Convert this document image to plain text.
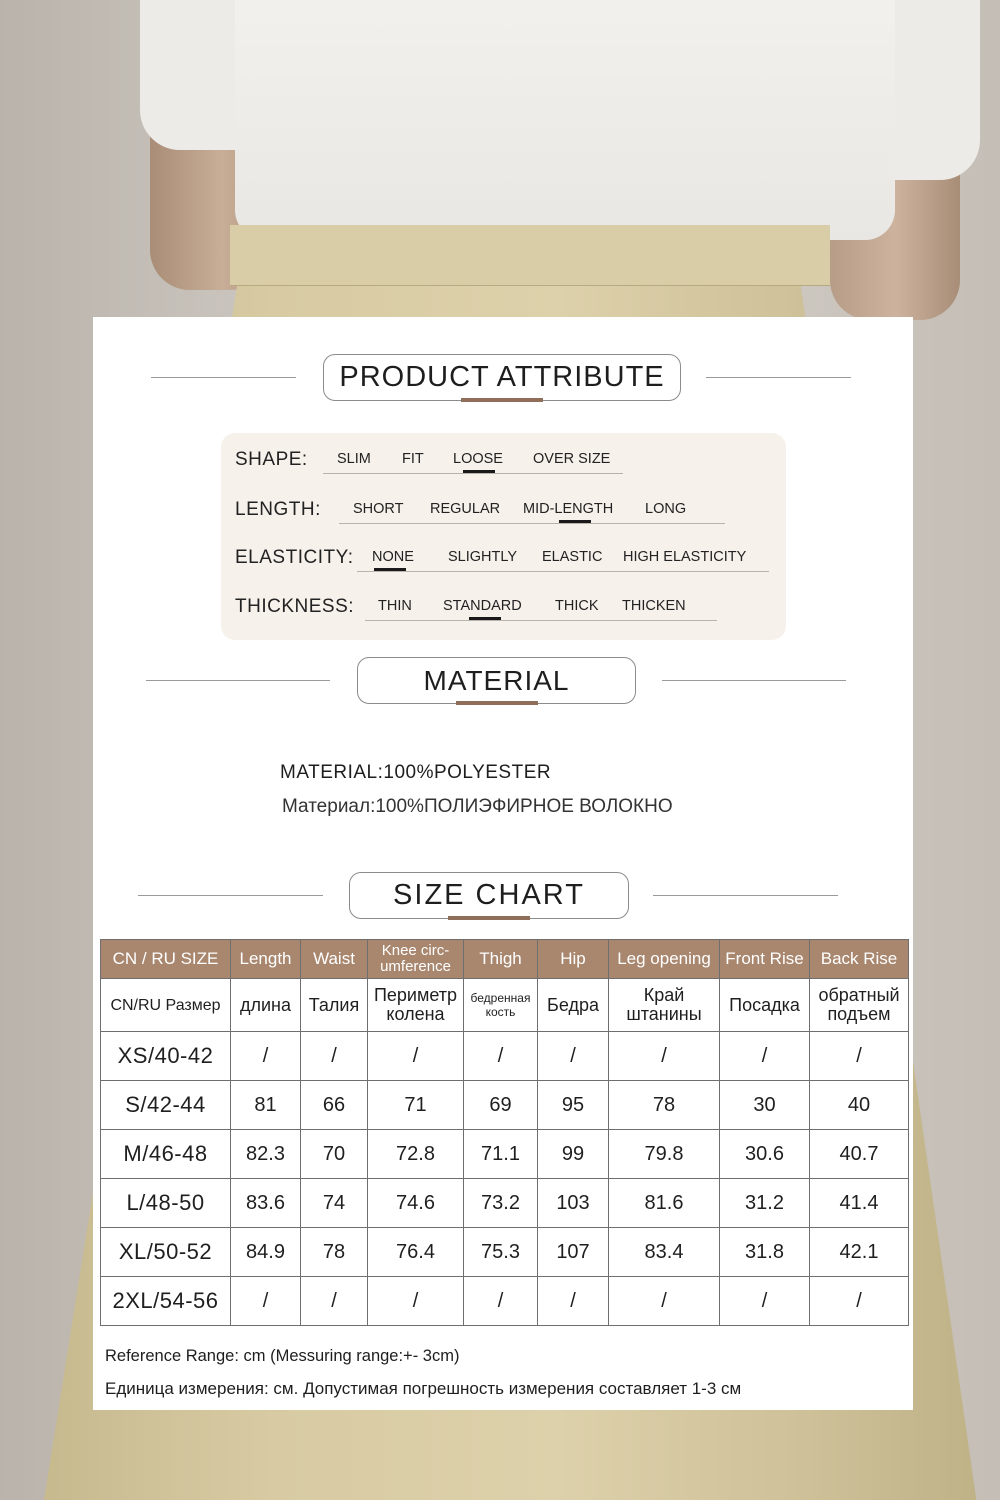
PRODUCT ATTRIBUTE
SHAPE: SLIM FIT LOOSE OVER SIZE
LENGTH: SHORT REGULAR MID-LENGTH LONG
ELASTICITY: NONE SLIGHTLY ELASTIC HIGH ELASTICITY
THICKNESS: THIN STANDARD THICK THICKEN
MATERIAL
MATERIAL:100%POLYESTER
Материал:100%ПОЛИЭФИРНОЕ ВОЛОКНО
SIZE CHART
CN / RU SIZE	Length	Waist	Knee circ-umference	Thigh	Hip	Leg opening	Front Rise	Back Rise
CN/RU Размер	длина	Талия	Периметр колена	бедренная кость	Бедра	Край штанины	Посадка	обратный подъем
XS/40-42	/	/	/	/	/	/	/	/
S/42-44	81	66	71	69	95	78	30	40
M/46-48	82.3	70	72.8	71.1	99	79.8	30.6	40.7
L/48-50	83.6	74	74.6	73.2	103	81.6	31.2	41.4
XL/50-52	84.9	78	76.4	75.3	107	83.4	31.8	42.1
2XL/54-56	/	/	/	/	/	/	/	/
Reference Range: cm (Messuring range:+- 3cm)
Единица измерения: см. Допустимая погрешность измерения составляет 1-3 см
